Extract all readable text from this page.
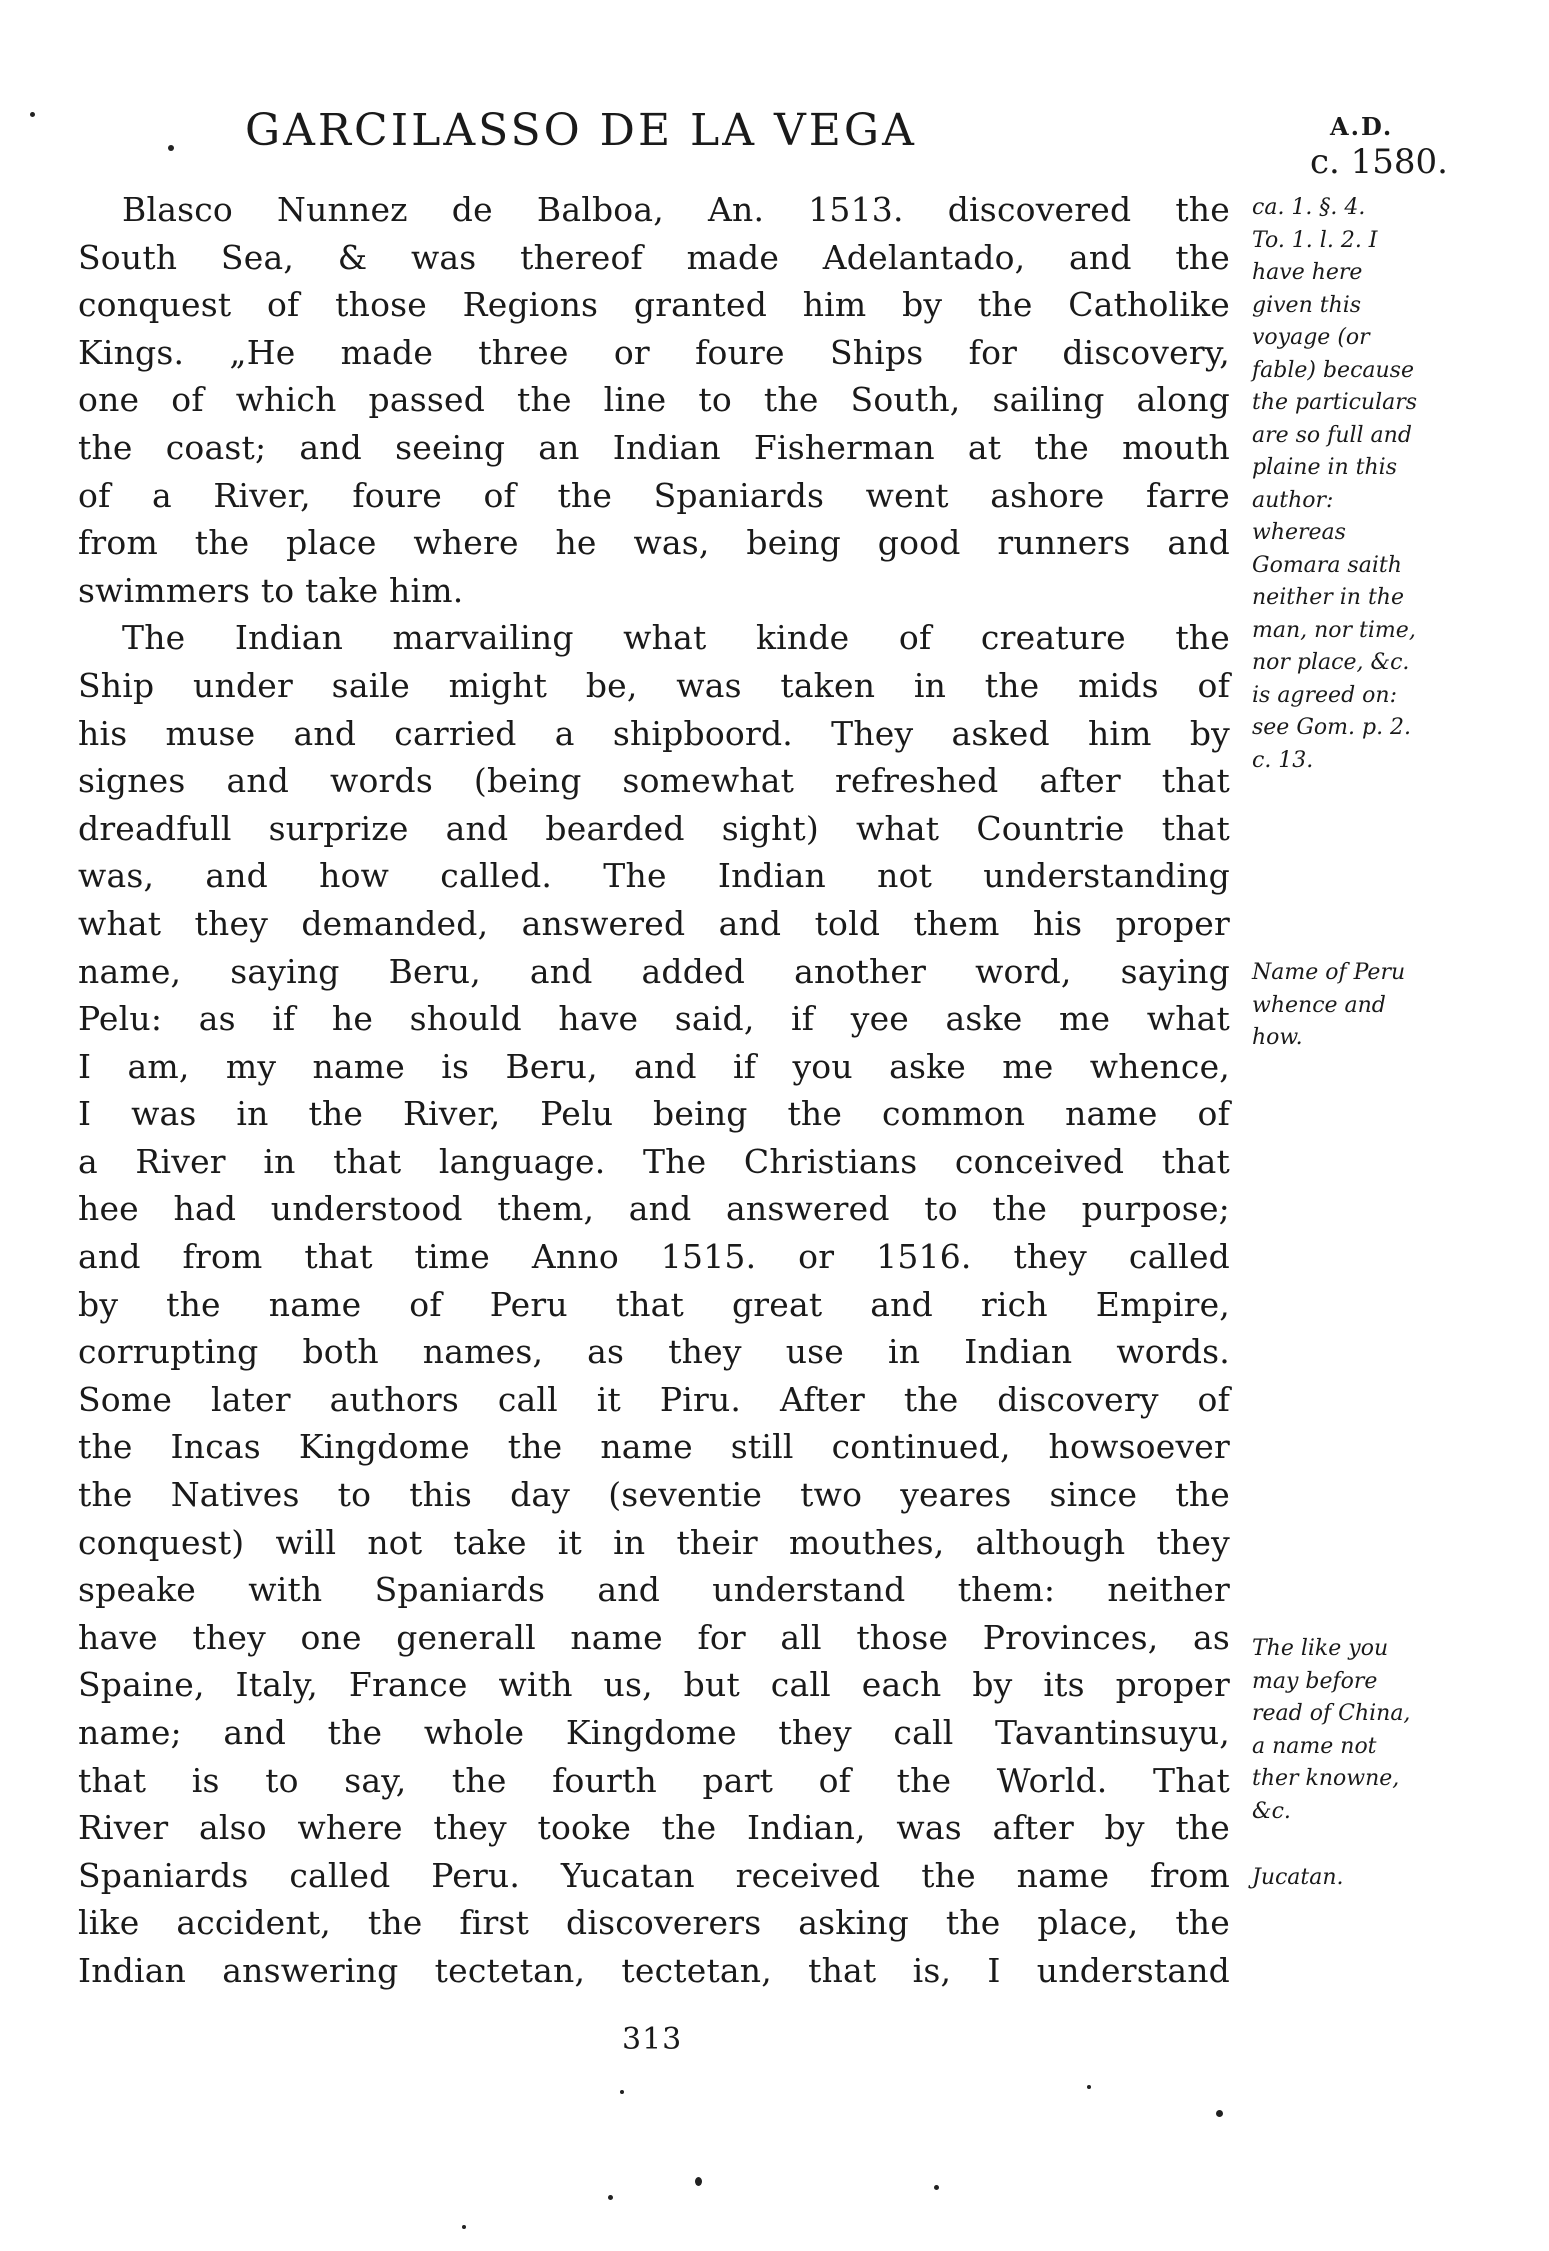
GARCILASSO DE LA VEGA	A.D.
c. 1580.
Blasco Nunnez de Balboa, An. 1513. discovered the
South Sea, & was thereof made Adelantado, and the
conquest of those Regions granted him by the Catholike
Kings. „He made three or foure Ships for discovery,
one of which passed the line to the South, sailing along
the coast; and seeing an Indian Fisherman at the mouth
of a River, foure of the Spaniards went ashore farre
from the place where he was, being good runners and
swimmers to take him.
The Indian marvailing what kinde of creature the
Ship under saile might be, was taken in the mids of
his muse and carried a shipboord. They asked him by
signes and words (being somewhat refreshed after that
dreadfull surprize and bearded sight) what Countrie that
was, and how called. The Indian not understanding
what they demanded, answered and told them his proper
name, saying Beru, and added another word, saying
Pelu: as if he should have said, if yee aske me what
I am, my name is Beru, and if you aske me whence,
I was in the River, Pelu being the common name of
a River in that language. The Christians conceived that
hee had understood them, and answered to the purpose;
and from that time Anno 1515. or 1516. they called
by the name of Peru that great and rich Empire,
corrupting both names, as they use in Indian words.
Some later authors call it Piru. After the discovery of
the Incas Kingdome the name still continued, howsoever
the Natives to this day (seventie two yeares since the
conquest) will not take it in their mouthes, although they
speake with Spaniards and understand them: neither
have they one generall name for all those Provinces, as
Spaine, Italy, France with us, but call each by its proper
name; and the whole Kingdome they call Tavantinsuyu,
that is to say, the fourth part of the World. That
River also where they tooke the Indian, was after by the
Spaniards called Peru. Yucatan received the name from
like accident, the first discoverers asking the place, the
Indian answering tectetan, tectetan, that is, I understand
ca. 1. §. 4.
To. 1. l. 2. I
have here
given this
voyage (or
fable) because
the particulars
are so full and
plaine in this
author:
whereas
Gomara saith
neither in the
man, nor time,
nor place, &c.
is agreed on:
see Gom. p. 2.
c. 13.
Name of Peru
whence and
how.
The like you
may before
read of China,
a name not
ther knowne,
&c.
Jucatan.
313
